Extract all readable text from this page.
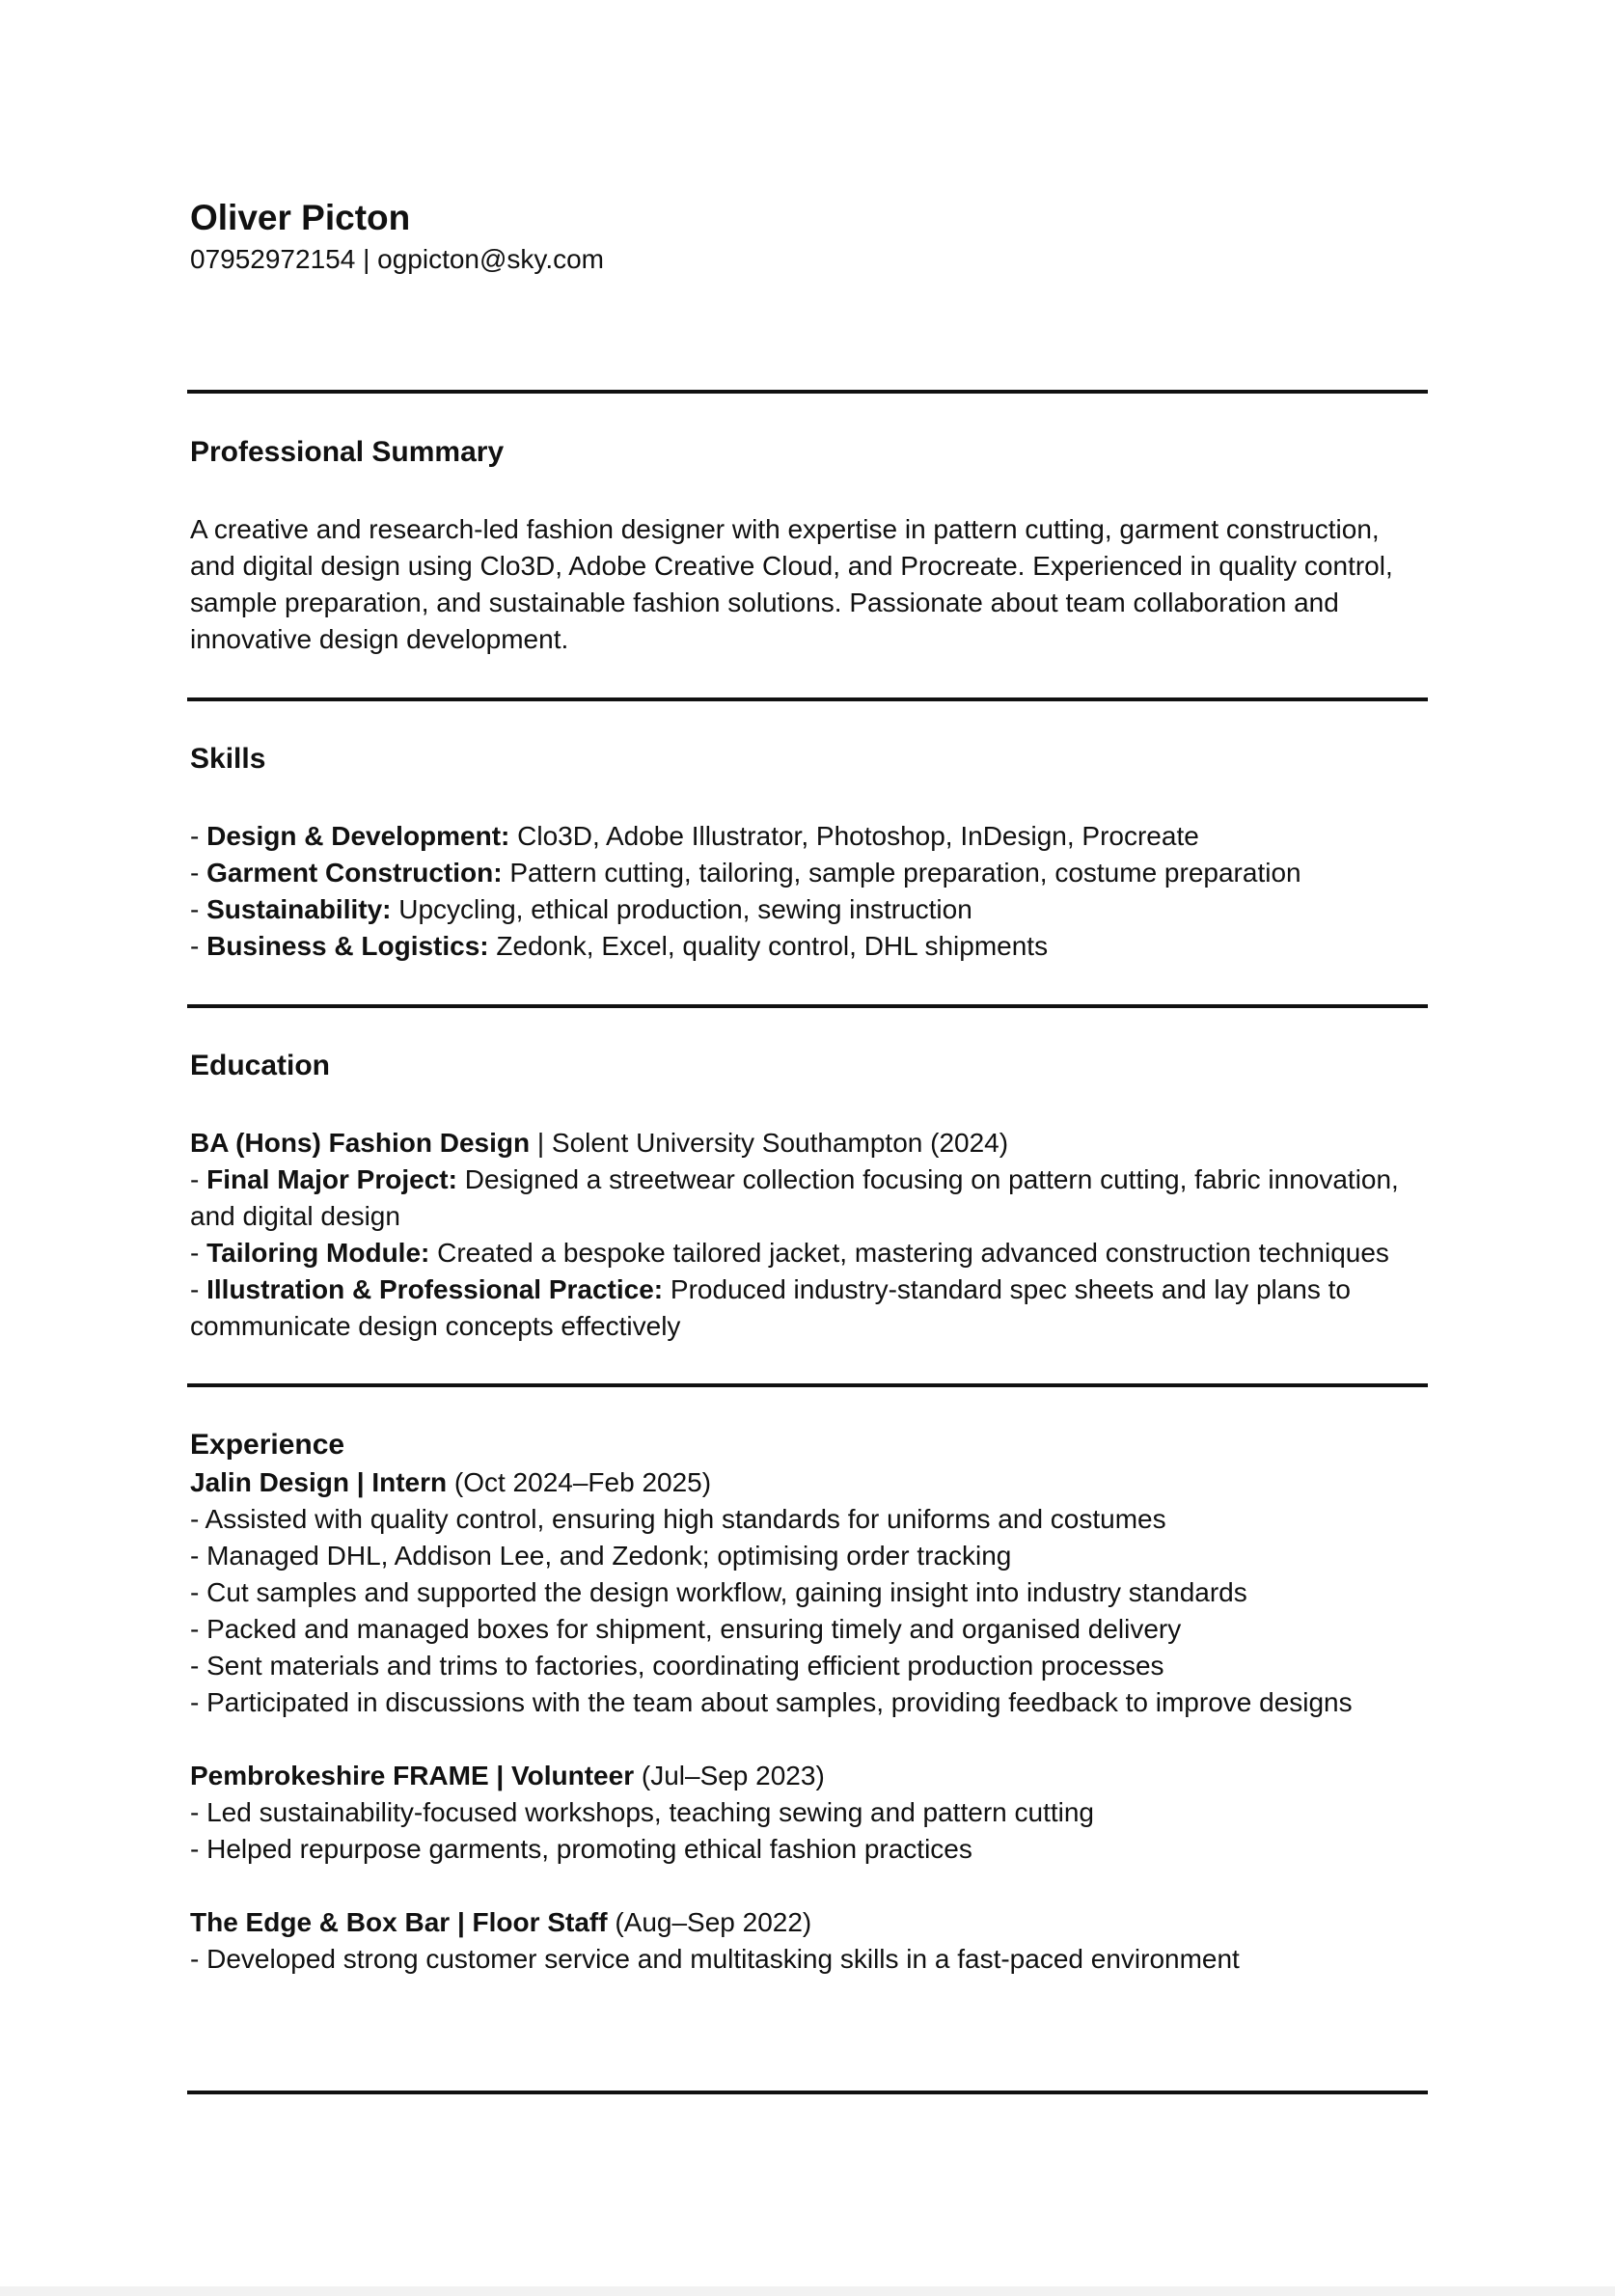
Oliver Picton
07952972154 | ogpicton@sky.com
Professional Summary
A creative and research-led fashion designer with expertise in pattern cutting, garment construction, and digital design using Clo3D, Adobe Creative Cloud, and Procreate. Experienced in quality control, sample preparation, and sustainable fashion solutions. Passionate about team collaboration and innovative design development.
Skills

- Design & Development: Clo3D, Adobe Illustrator, Photoshop, InDesign, Procreate

- Garment Construction: Pattern cutting, tailoring, sample preparation, costume preparation

- Sustainability: Upcycling, ethical production, sewing instruction

- Business & Logistics: Zedonk, Excel, quality control, DHL shipments

Education

BA (Hons) Fashion Design | Solent University Southampton (2024)

- Final Major Project: Designed a streetwear collection focusing on pattern cutting, fabric innovation, and digital design

- Tailoring Module: Created a bespoke tailored jacket, mastering advanced construction techniques

- Illustration & Professional Practice: Produced industry-standard spec sheets and lay plans to communicate design concepts effectively

Experience

Jalin Design | Intern (Oct 2024–Feb 2025)

- Assisted with quality control, ensuring high standards for uniforms and costumes

- Managed DHL, Addison Lee, and Zedonk; optimising order tracking

- Cut samples and supported the design workflow, gaining insight into industry standards

- Packed and managed boxes for shipment, ensuring timely and organised delivery

- Sent materials and trims to factories, coordinating efficient production processes

- Participated in discussions with the team about samples, providing feedback to improve designs

Pembrokeshire FRAME | Volunteer (Jul–Sep 2023)

- Led sustainability-focused workshops, teaching sewing and pattern cutting

- Helped repurpose garments, promoting ethical fashion practices

The Edge & Box Bar | Floor Staff (Aug–Sep 2022)

- Developed strong customer service and multitasking skills in a fast-paced environment
